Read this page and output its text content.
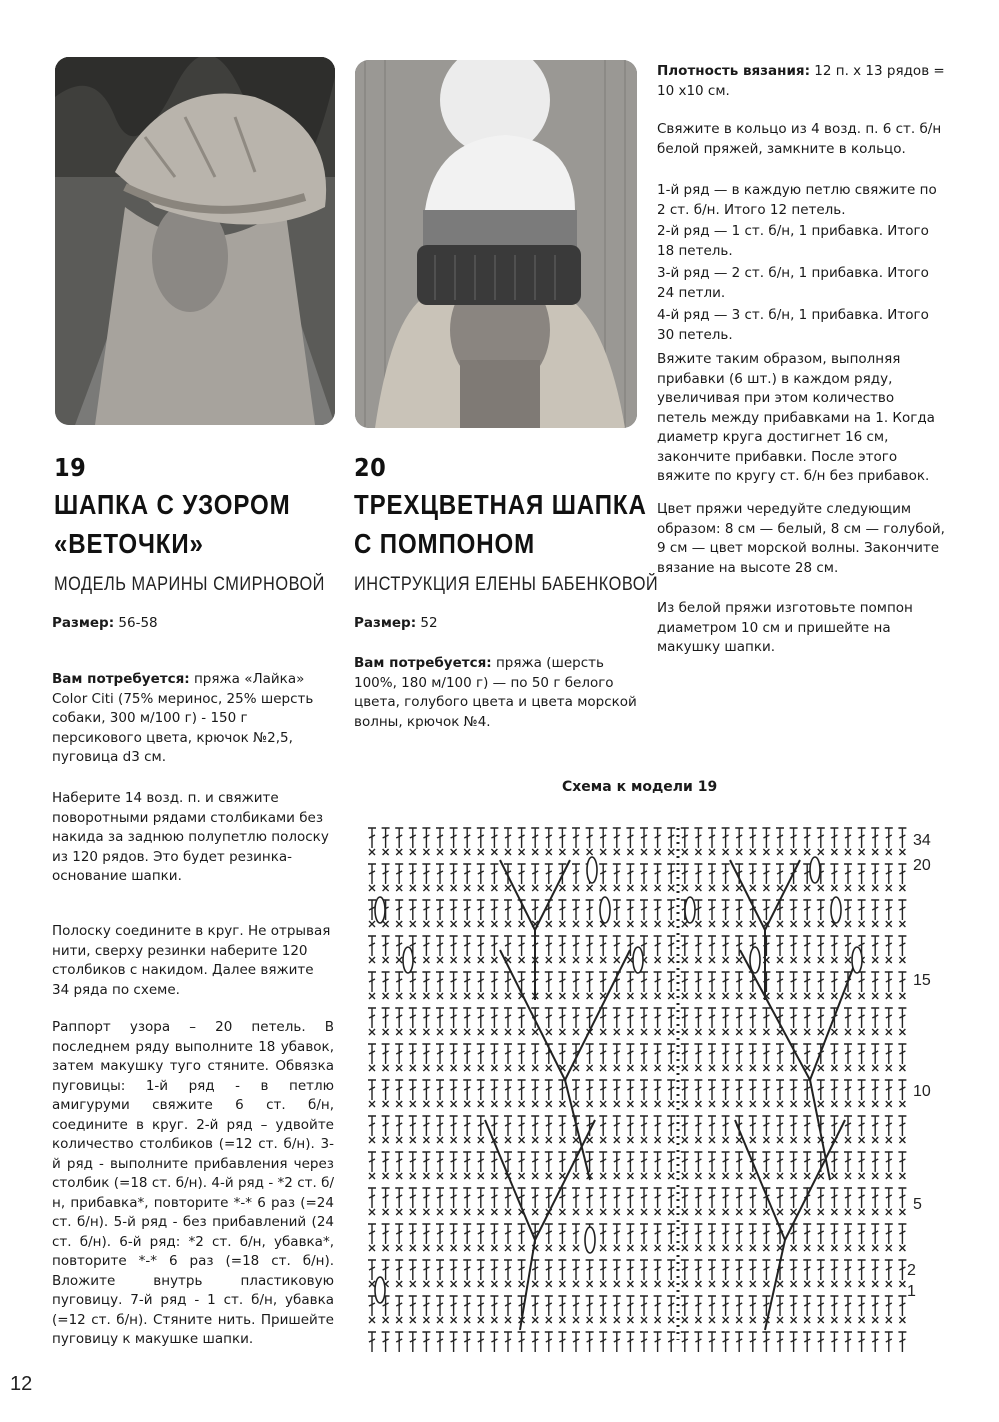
19
ШАПКА С УЗОРОМ
«ВЕТОЧКИ»
МОДЕЛЬ МАРИНЫ СМИРНОВОЙ

Размер: 56-58

Вам потребуется: пряжа «Лайка» Color Citi (75% меринос, 25% шерсть собаки, 300 м/100 г) - 150 г персикового цвета, крючок №2,5, пуговица d3 см.

Наберите 14 возд. п. и свяжите поворотными рядами столбиками без накида за заднюю полупетлю полоску из 120 рядов. Это будет резинка-основание шапки.

Полоску соедините в круг. Не отрывая нити, сверху резинки наберите 120 столбиков с накидом. Далее вяжите 34 ряда по схеме.

Раппорт узора – 20 петель. В последнем ряду выполните 18 убавок, затем макушку туго стяните. Обвязка пуговицы: 1-й ряд - в петлю амигуруми свяжите 6 ст. б/н, соедините в круг. 2-й ряд – удвойте количество столбиков (=12 ст. б/н). 3-й ряд - выполните прибавления через столбик (=18 ст. б/н). 4-й ряд - *2 ст. б/н, прибавка*, повторите *-* 6 раз (=24 ст. б/н). 5-й ряд - без прибавлений (24 ст. б/н). 6-й ряд: *2 ст. б/н, убавка*, повторите *-* 6 раз (=18 ст. б/н). Вложите внутрь пластиковую пуговицу. 7-й ряд - 1 ст. б/н, убавка (=12 ст. б/н). Стяните нить. Пришейте пуговицу к макушке шапки.

20
ТРЕХЦВЕТНАЯ ШАПКА
С ПОМПОНОМ
ИНСТРУКЦИЯ ЕЛЕНЫ БАБЕНКОВОЙ

Размер: 52

Вам потребуется: пряжа (шерсть 100%, 180 м/100 г) — по 50 г белого цвета, голубого цвета и цвета морской волны, крючок №4.

Плотность вязания: 12 п. x 13 рядов = 10 x10 см.

Свяжите в кольцо из 4 возд. п. 6 ст. б/н белой пряжей, замкните в кольцо.

1-й ряд — в каждую петлю свяжите по 2 ст. б/н. Итого 12 петель.

2-й ряд — 1 ст. б/н, 1 прибавка. Итого 18 петель.

3-й ряд — 2 ст. б/н, 1 прибавка. Итого 24 петли.

4-й ряд — 3 ст. б/н, 1 прибавка. Итого 30 петель.

Вяжите таким образом, выполняя прибавки (6 шт.) в каждом ряду, увеличивая при этом количество петель между прибавками на 1. Когда диаметр круга достигнет 16 см, закончите прибавки. После этого вяжите по кругу ст. б/н без прибавок.

Цвет пряжи чередуйте следующим образом: 8 см — белый, 8 см — голубой, 9 см — цвет морской волны. Закончите вязание на высоте 28 см.

Из белой пряжи изготовьте помпон диаметром 10 см и пришейте на макушку шапки.

Схема к модели 19
34
20
15
10
5
2
1
12
